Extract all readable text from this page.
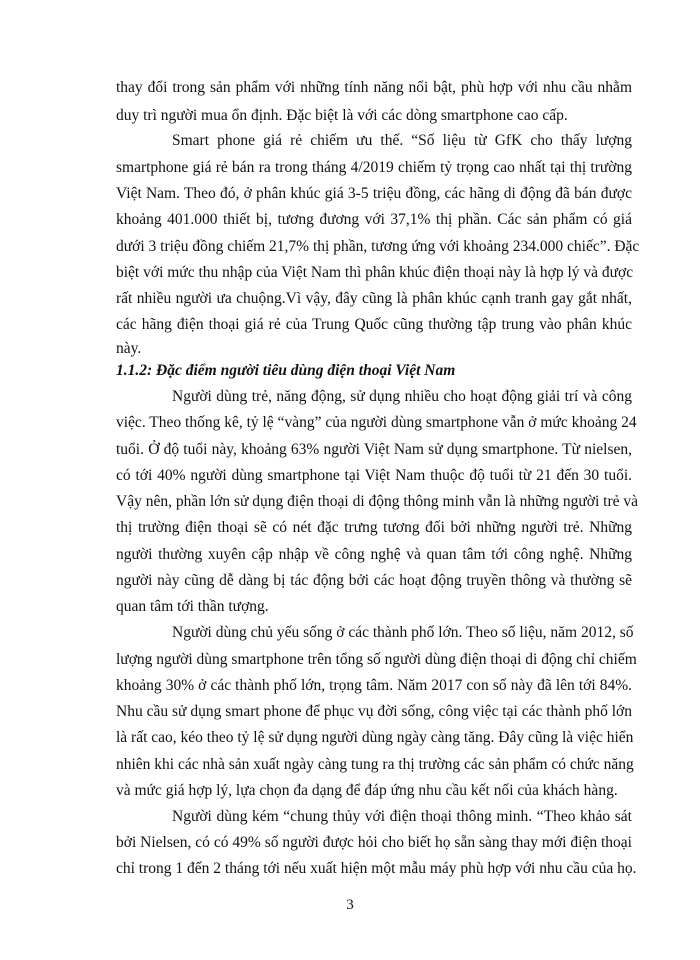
thay đổi trong sản phẩm với những tính năng nổi bật, phù hợp với nhu cầu nhằm
duy trì người mua ổn định. Đặc biệt là với các dòng smartphone cao cấp.
Smart phone giá rẻ chiếm ưu thế. “Số liệu từ GfK cho thấy lượng
smartphone giá rẻ bán ra trong tháng 4/2019 chiếm tỷ trọng cao nhất tại thị trường
Việt Nam. Theo đó, ở phân khúc giá 3-5 triệu đồng, các hãng di động đã bán được
khoảng 401.000 thiết bị, tương đương với 37,1% thị phần. Các sản phẩm có giá
dưới 3 triệu đồng chiếm 21,7% thị phần, tương ứng với khoảng 234.000 chiếc”. Đặc
biệt với mức thu nhập của Việt Nam thì phân khúc điện thoại này là hợp lý và được
rất nhiều người ưa chuộng.Vì vậy, đây cũng là phân khúc cạnh tranh gay gắt nhất,
các hãng điện thoại giá rẻ của Trung Quốc cũng thường tập trung vào phân khúc
này.
1.1.2: Đặc điểm người tiêu dùng điện thoại Việt Nam
Người dùng trẻ, năng động, sử dụng nhiều cho hoạt động giải trí và công
việc. Theo thống kê, tỷ lệ “vàng” của người dùng smartphone vẫn ở mức khoảng 24
tuổi. Ở độ tuổi này, khoảng 63% người Việt Nam sử dụng smartphone. Từ nielsen,
có tới 40% người dùng smartphone tại Việt Nam thuộc độ tuổi từ 21 đến 30 tuổi.
Vậy nên, phần lớn sử dụng điện thoại di động thông minh vẫn là những người trẻ và
thị trường điện thoại sẽ có nét đặc trưng tương đối bởi những người trẻ. Những
người thường xuyên cập nhập về công nghệ và quan tâm tới công nghệ. Những
người này cũng dễ dàng bị tác động bởi các hoạt động truyền thông và thường sẽ
quan tâm tới thần tượng.
Người dùng chủ yếu sống ở các thành phố lớn. Theo số liệu, năm 2012, số
lượng người dùng smartphone trên tổng số người dùng điện thoại di động chỉ chiếm
khoảng 30% ở các thành phố lớn, trọng tâm. Năm 2017 con số này đã lên tới 84%.
Nhu cầu sử dụng smart phone để phục vụ đời sống, công việc tại các thành phố lớn
là rất cao, kéo theo tỷ lệ sử dụng người dùng ngày càng tăng. Đây cũng là việc hiển
nhiên khi các nhà sản xuất ngày càng tung ra thị trường các sản phẩm có chức năng
và mức giá hợp lý, lựa chọn đa dạng để đáp ứng nhu cầu kết nối của khách hàng.
Người dùng kém “chung thủy với điện thoại thông minh. “Theo khảo sát
bởi Nielsen, có có 49% số người được hỏi cho biết họ sẵn sàng thay mới điện thoại
chỉ trong 1 đến 2 tháng tới nếu xuất hiện một mẫu máy phù hợp với nhu cầu của họ.
3
